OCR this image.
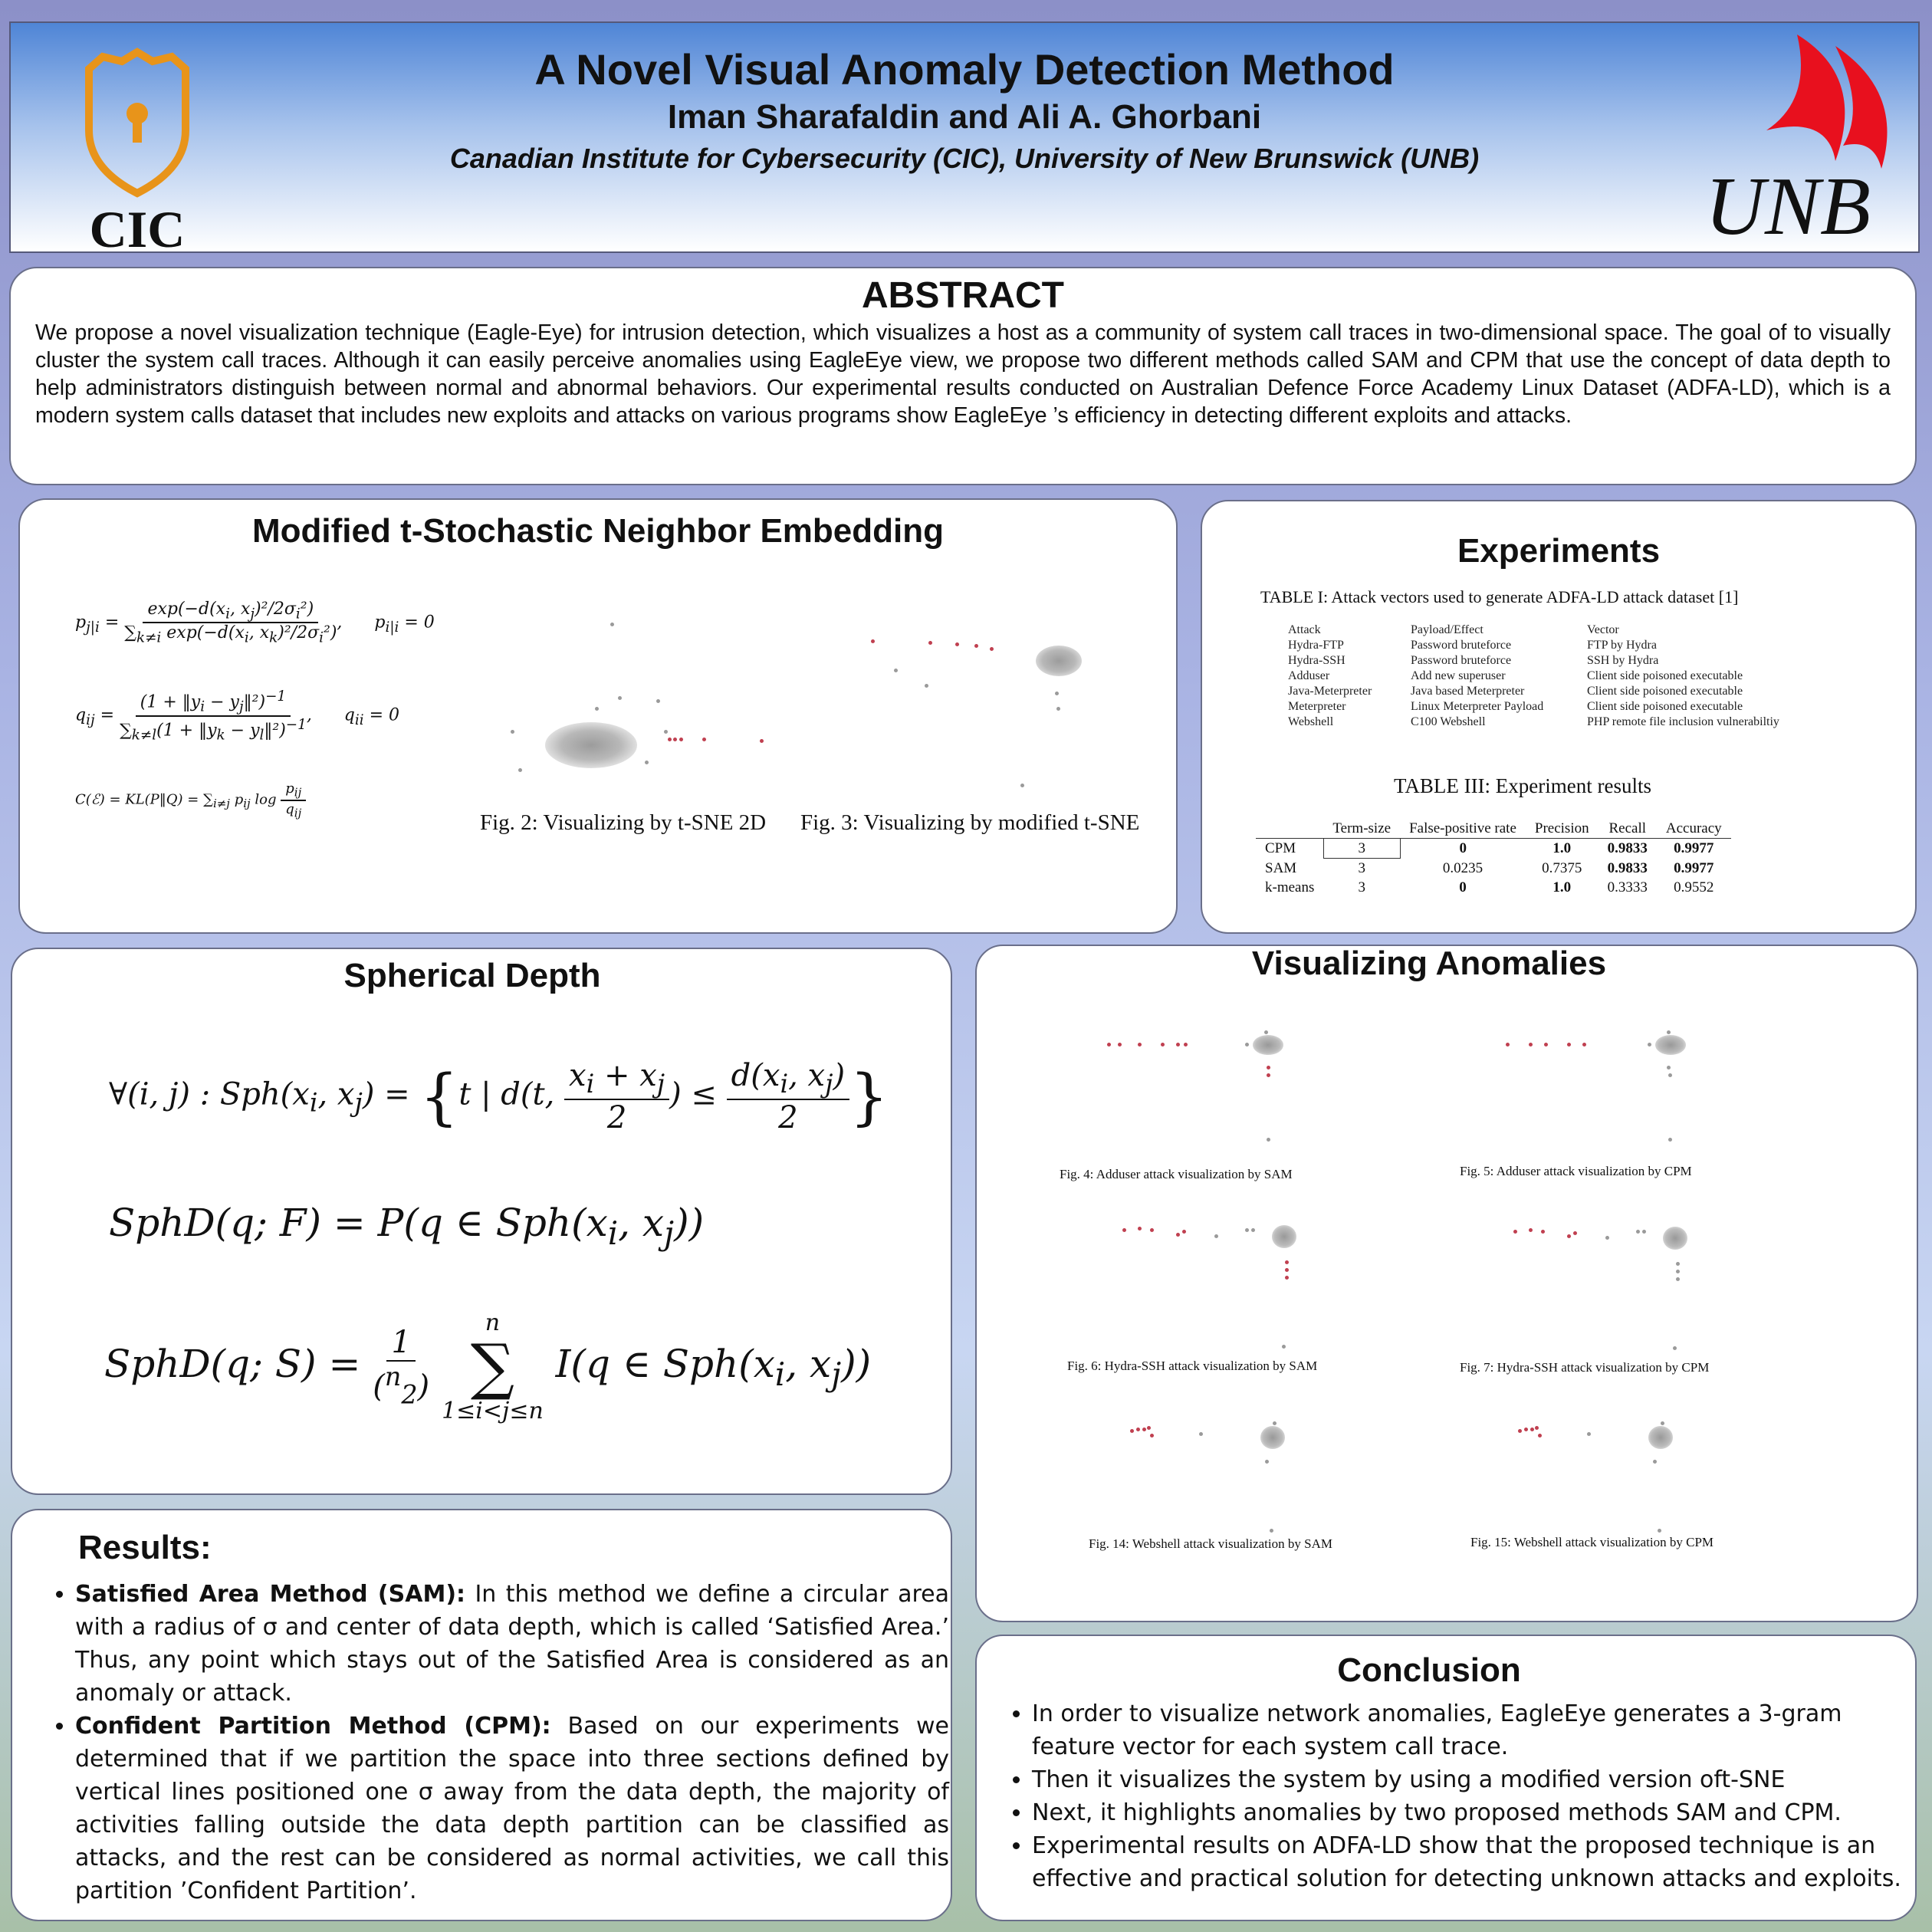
CIC
A Novel Visual Anomaly Detection Method
Iman Sharafaldin and Ali A. Ghorbani
Canadian Institute for Cybersecurity (CIC), University of New Brunswick (UNB)
UNB
ABSTRACT
We propose a novel visualization technique (Eagle-Eye) for intrusion detection, which visualizes a host as a community of system call traces in two-dimensional space. The goal of to visually cluster the system call traces. Although it can easily perceive anomalies using EagleEye view, we propose two different methods called SAM and CPM that use the concept of data depth to help administrators distinguish between normal and abnormal behaviors. Our experimental results conducted on Australian Defence Force Academy Linux Dataset (ADFA-LD), which is a modern system calls dataset that includes new exploits and attacks on various programs show EagleEye ’s efficiency in detecting different exploits and attacks.
Modified t-Stochastic Neighbor Embedding
$p_{j|i} = \frac{\exp(-d(x_i, x_j)^2/2\sigma_i^2)}{\sum_{k\ne i} \exp(-d(x_i, x_k)^2/2\sigma_i^2)}$ ,      $p_{i|i} = 0$
$q_{ij} = \frac{(1 + ‖y_i - y_j‖^2)^{-1}}{\sum_{k\ne l}(1 + ‖y_k - y_l‖^2)^{-1}}$ ,      $q_{ii} = 0$
C(ℰ) = KL(P‖Q) = $\sum_{i\ne j}$ $p_{ij}$ $\log \frac{p_{ij}}{q_{ij}}$
Fig. 2: Visualizing by t-SNE 2D Fig. 3: Visualizing by modified t-SNE
Experiments
TABLE I: Attack vectors used to generate ADFA-LD attack dataset [1]
Attack	Payload/Effect	Vector
Hydra-FTP	Password bruteforce	FTP by Hydra
Hydra-SSH	Password bruteforce	SSH by Hydra
Adduser	Add new superuser	Client side poisoned executable
Java-Meterpreter	Java based Meterpreter	Client side poisoned executable
Meterpreter	Linux Meterpreter Payload	Client side poisoned executable
Webshell	C100 Webshell	PHP remote file inclusion vulnerabiltiy
TABLE III: Experiment results
	Term-size	False-positive rate	Precision	Recall	Accuracy
CPM	3	0	1.0	0.9833	0.9977
SAM	3	0.0235	0.7375	0.9833	0.9977
k-means	3	0	1.0	0.3333	0.9552
Spherical Depth
∀(i, j) : $Sph(x_i$, $x_j) = \{t$ | d(t, $\frac{x_i + x_j}{2}$ ) ≤ $\frac{d(x_i, x_j)}{2}$ }
SphD(q; F) = P(q ∈ $Sph(x_i$, $x_j$))
SphD(q; $S) = \frac{1}{(^n_2)}$

n
∑
1≤i<j≤n
I(q ∈ $Sph(x_i$, $x_j$))
Visualizing Anomalies
Fig. 4: Adduser attack visualization by SAM	Fig. 5: Adduser attack visualization by CPM
Fig. 6: Hydra-SSH attack visualization by SAM	Fig. 7: Hydra-SSH attack visualization by CPM
Fig. 14: Webshell attack visualization by SAM	Fig. 15: Webshell attack visualization by CPM
Results:
• Satisfied Area Method (SAM): In this method we define a circular area with a radius of σ and center of data depth, which is called ‘Satisfied Area.’ Thus, any point which stays out of the Satisfied Area is considered as an anomaly or attack.
• Confident Partition Method (CPM): Based on our experiments we determined that if we partition the space into three sections defined by vertical lines positioned one σ away from the data depth, the majority of activities falling outside the data depth partition can be classified as attacks, and the rest can be considered as normal activities, we call this partition ’Confident Partition’.
Conclusion
• In order to visualize network anomalies, EagleEye generates a 3-gram feature vector for each system call trace.
• Then it visualizes the system by using a modified version oft-SNE
• Next, it highlights anomalies by two proposed methods SAM and CPM.
• Experimental results on ADFA-LD show that the proposed technique is an effective and practical solution for detecting unknown attacks and exploits.
